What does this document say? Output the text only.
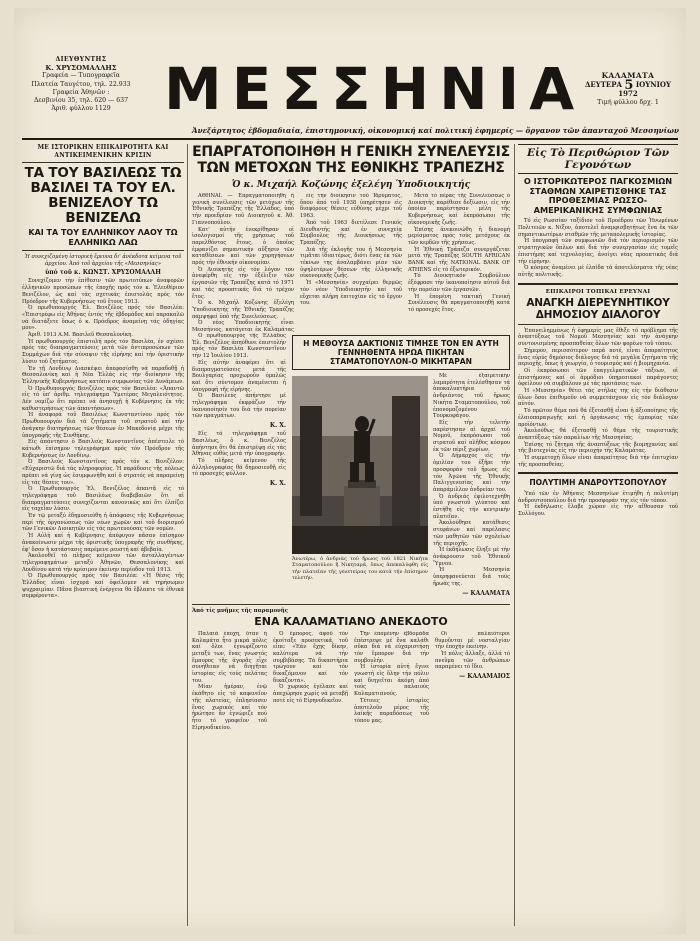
ΔΙΕΥΘΥΝΤΗΣ
Κ. ΧΡΥΣΟΜΑΛΛΗΣ
Γραφεία — Τυπογραφεῖα
Πλατεία Ταυγέτου, τηλ. 22.933
Γραφεία Ἀθηνῶν :
Δεσβινίου 35, τηλ. 620 — 637
Ἀριθ. φύλλου 1129 ΜΕΣΣΗΝΙΑ	ΚΑΛΑΜΑΤΑ
ΔΕΥΤΕΡΑ 5 ΙΟΥΝΙΟΥ
1972
Τιμή φύλλου δρχ. 1
Ἀνεξάρτητος ἑβδομαδιαία, ἐπιστημονική, οἰκονομική καί πολιτική ἐφημερίς — ὄργανον τῶν ἀπανταχοῦ Μεσσηνίων
ΜΕ ΙΣΤΟΡΙΚΗΝ ΕΠΙΚΑΙΡΟΤΗΤΑ ΚΑΙ ΑΝΤΙΚΕΙΜΕΝΙΚΗΝ ΚΡΙΣΙΝ
ΤΑ ΤΟΥ ΒΑΣΙΛΕΩΣ ΤΩ ΒΑΣΙΛΕΙ ΤΑ ΤΟΥ ΕΛ. ΒΕΝΙΖΕΛΟΥ ΤΩ ΒΕΝΙΖΕΛΩ
ΚΑΙ ΤΑ ΤΟΥ ΕΛΛΗΝΙΚΟΥ ΛΑΟΥ ΤΩ ΕΛΛΗΝΙΚΩ ΛΑΩ

Ἡ συνεχιζομένη ἱστορική ἔρευνα δι' ἀνέκδοτα κείμενα τοῦ ἀρχείου. Ἀπό τοῦ ἀρχείου τῆς «Μεσσηνίας»

ὑπό τοῦ κ. ΚΩΝΣΤ. ΧΡΥΣΟΜΑΛΛΗ

Συνεχίζομεν τὴν ἐπίθεσιν τῶν πρωτοτύπων ἀναφορῶν ἑλληνικῶν προσώπων τῆς ἐποχῆς πρός τόν κ. Ἐλευθέριον Βενιζέλον, ὡς καί τάς σχετικάς ἐπιστολάς πρός τόν Πρόεδρον τῆς Κυβερνήσεως τοῦ ἔτους 1913.

Ὁ πρωθυπουργός Ἐλ. Βενιζέλος πρός τόν Βασιλέα: «Ἐπιστρέφω εἰς Ἀθήνας ἐντός τῆς ἑβδομάδος καί παρακαλῶ νά διατάξετε ὅπως ὁ κ. Πρόεδρος ἀναμείνῃ τάς ὁδηγίας μου».

Ἀριθ. 1913 Α.Μ. Βασιλεῦ Θεσσαλονίκη.

Ἡ πρωθυπουργός ἐπιστολή πρός τόν Βασιλέα, ἐν σχέσει πρός τάς διαπραγματεύσεις μετά τῶν ἀντιπροσώπων τῶν Συμμάχων διά τήν σύναψιν τῆς εἰρήνης καί τήν ὁριστικήν λύσιν τοῦ ζητήματος.

Ἐν τῇ Λονδίνῳ Διασκέψει ἀπεφασίσθη νά παραδοθῇ ἡ Θεσσαλονίκη καί ἡ Νέα Ἑλλάς εἰς τήν διοίκησιν τῆς Ἑλληνικῆς Κυβερνήσεως κατόπιν συμφωνίας τῶν Δυνάμεων.

Ὁ Πρωθυπουργός Βενιζέλος πρός τόν Βασιλέα: «Ἀπαντῶ εἰς τό ὑπ' ἀριθμ. τηλεγράφημα Ὑμετέρας Μεγαλειότητος. Δέν νομίζω ὅτι πρέπει νά ἀνησυχῇ ἡ Κυβέρνησις ἐκ τῆς καθυστερήσεως τῶν ἀπαντήσεων».

Ἡ ἀναφορά τοῦ Βασιλέως Κωνσταντίνου πρός τόν Πρωθυπουργόν διά τά ζητήματα τοῦ στρατοῦ καί τήν ἀνάγκην διατηρήσεως τῶν θέσεων ἐν Μακεδονίᾳ μέχρι τῆς ὑπογραφῆς τῆς Συνθήκης.

Εἰς ἀπάντησιν ὁ Βασιλεύς Κωνσταντῖνος ἀπέστειλε τό κάτωθι ἐπίσημον τηλεγράφημα πρός τόν Πρόεδρον τῆς Κυβερνήσεως ἐν Λονδίνῳ.

Ὁ Βασιλεύς Κωνσταντῖνος πρός τόν κ. Βενιζέλον: «Εὐχαριστῶ διά τάς πληροφορίας. Ἡ παράδοσις τῆς πόλεως πρέπει νά γίνῃ ὡς ἐσυμφωνήθη καί ὁ στρατός νά παραμείνῃ εἰς τάς θέσεις του».

Ὁ Πρωθυπουργός Ἐλ. Βενιζέλος ἀπαντᾷ εἰς τό τηλεγράφημα τοῦ Βασιλέως διαβεβαιῶν ὅτι αἱ διαπραγματεύσεις συνεχίζονται κανονικῶς καί ὅτι ἐλπίζει εἰς ταχεῖαν λύσιν.

Ἐν τῷ μεταξύ ἐδημοσιεύθη ἡ ἀπόφασις τῆς Κυβερνήσεως περί τῆς ὀργανώσεως τῶν νέων χωρῶν καί τοῦ διορισμοῦ τῶν Γενικῶν Διοικητῶν εἰς τάς πρωτευούσας τῶν νομῶν.

Ἡ Αὐλή καί ἡ Κυβέρνησις ἀπέφυγον πᾶσαν ἐπίσημον ἀνακοίνωσιν μέχρι τῆς ὁριστικῆς ὑπογραφῆς τῆς συνθήκης, ἐφ' ὅσον ἡ κατάστασις παρέμενε ρευστή καί ἀβεβαία.

Ἀκολουθεῖ τό πλῆρες κείμενον τῶν ἀνταλλαγέντων τηλεγραφημάτων μεταξύ Ἀθηνῶν, Θεσσαλονίκης καί Λονδίνου κατά τήν κρίσιμον ἐκείνην περίοδον τοῦ 1913.

Ὁ Πρωθυπουργός πρός τόν Βασιλέα: «Ἡ θέσις τῆς Ἑλλάδος εἶναι ἰσχυρά καί ὀφείλομεν νά τηρήσωμεν ψυχραιμίαν. Πᾶσα βιαστική ἐνέργεια θά ἔβλαπτε τά ἐθνικά συμφέροντα».

ΕΠΑΡΓΑΤΟΠΟΙΗΘΗ Η ΓΕΝΙΚΗ ΣΥΝΕΛΕΥΣΙΣ ΤΩΝ ΜΕΤΟΧΩΝ ΤΗΣ ΕΘΝΙΚΗΣ ΤΡΑΠΕΖΗΣ
Ὁ κ. Μιχαήλ Κοζώνης ἐξελέγη Ὑποδιοικητής

ΑΘΗΝΑΙ. — Ἐπραγματοποιήθη ἡ γενική συνέλευσις τῶν μετόχων τῆς Ἐθνικῆς Τραπέζης τῆς Ἑλλάδος, ὑπό τήν προεδρίαν τοῦ Διοικητοῦ κ. Ἀθ. Γιαννοπούλου.

Κατ' αὐτήν ἐνεκρίθησαν οἱ ἰσολογισμοί τῆς χρήσεως τοῦ παρελθόντος ἔτους, ὁ ὁποῖος ἐμφανίζει σημαντικήν αὔξησιν τῶν καταθέσεων καί τῶν χορηγήσεων πρός τήν ἐθνικήν οἰκονομίαν.

Ὁ Διοικητής εἰς τόν λόγον του ἀνεφέρθη εἰς τήν ἐξέλιξιν τῶν ἐργασιῶν τῆς Τραπέζης κατά τό 1971 καί τάς προοπτικάς διά τό τρέχον ἔτος.

Ὁ κ. Μιχαήλ Κοζώνης ἐξελέγη Ὑποδιοικητής τῆς Ἐθνικῆς Τραπέζης παμψηφεί ὑπό τῆς Συνελεύσεως.

Ὁ νέος Ὑποδιοικητής εἶναι Μεσσήνιος, κατάγεται ἐκ Καλαμάτας

εἰς τήν διοίκησιν τοῦ Ἱδρύματος, ὅπου ἀπό τοῦ 1938 ὑπηρέτησεν εἰς διαφόρους θέσεις εὐθύνης μέχρι τοῦ 1963.

Ἀπό τοῦ 1963 διετέλεσε Γενικός Διευθυντής καί ἐν συνεχείᾳ Σύμβουλος τῆς Διοικήσεως τῆς Τραπέζης.

Διά τῆς ἐκλογῆς του ἡ Μεσσηνία τιμᾶται ἰδιαιτέρως, διότι ἕνας ἐκ τῶν τέκνων της ἀναλαμβάνει μίαν τῶν ὑψηλοτέρων θέσεων τῆς ἑλληνικῆς οἰκονομικῆς ζωῆς.

Ἡ «Μεσσηνία» συγχαίρει θερμῶς τόν νέον Ὑποδιοικητήν καί τοῦ εὔχεται πλήρη ἐπιτυχίαν εἰς τό ἔργον του.

Μετά τό πέρας τῆς Συνελεύσεως ὁ Διοικητής παρέθεσε δεξίωσιν, εἰς τήν ὁποίαν παρέστησαν μέλη τῆς Κυβερνήσεως καί ἐκπρόσωποι τῆς οἰκονομικῆς ζωῆς.

Ἐπίσης ἀνεκοινώθη ἡ διανομή μερίσματος πρός τούς μετόχους ἐκ τῶν κερδῶν τῆς χρήσεως.

Ἡ Ἐθνική Τράπεζα συνεργάζεται μετά τῆς Τραπέζης SOUTH AFRICAN BANK καί τῆς NATIONAL BANK OF ATHENS εἰς τό ἐξωτερικόν.

Τό Διοικητικόν Συμβούλιον ἐξέφρασε τήν ἱκανοποίησιν αὐτοῦ διά τήν πορείαν τῶν ἐργασιῶν.

Ἡ ἐπομένη τακτική Γενική Συνέλευσις θά πραγματοποιηθῇ κατά τό προσεχές ἔτος.

Ὁ πρωθυπουργός τῆς Ἑλλάδος Ἐλ. Βενιζέλος ἀπηύθυνε ἐπιστολήν πρός τόν Βασιλέα Κωνσταντῖνον τήν 12 Ἰουλίου 1913.

Εἰς αὐτήν ἀναφέρει ὅτι αἱ διαπραγματεύσεις μετά τῆς Βουλγαρίας προχωροῦν ὁμαλῶς καί ὅτι σύντομον ἀναμένεται ἡ ὑπογραφή τῆς εἰρήνης.

Ὁ Βασιλεύς ἀπήντησε μέ τηλεγράφημα ἐκφράζων τήν ἱκανοποίησίν του διά τήν πορείαν τῶν πραγμάτων.

Κ. Χ.

Εἰς τό τηλεγράφημα τοῦ Βασιλέως, ὁ κ. Βενιζέλος ἀπήντησε ὅτι θά ἐπιστρέψῃ εἰς τάς Ἀθήνας εὐθύς μετά τήν ὑπογραφήν.

Τό πλῆρες κείμενον τῆς ἀλληλογραφίας θά δημοσιευθῇ εἰς τό προσεχές φύλλον.

Κ. Χ.
Η ΜΕΘΟΥΣΑ ΔΑΚΤΙΟΝΙΣ ΤΙΜΗΣΕ ΤΟΝ ΕΝ ΑΥΤΗ ΓΕΝΝΗΘΕΝΤΑ ΗΡΩΑ ΠΙΚΗΤΑΝ ΣΤΑΜΑΤΟΠΟΥΛΟΝ-Ο ΜΙΚΗΤΑΡΑΝ
Ἀνωτέρω, ὁ ἀνδριὰς τοῦ ἥρωος τοῦ 1821 Νικήτα Σταματοπούλου ἢ Νικηταρᾶ, ὅπως ἀπεκαλύφθη εἰς τήν πλατεῖαν τῆς γενετείρας του κατά τήν ἐπίσημον τελετήν.

Μέ ἐξαιρετικήν λαμπρότητα ἐτελέσθησαν τά ἀποκαλυπτήρια τοῦ ἀνδριάντος τοῦ ἥρωος Νικήτα Σταματοπούλου, τοῦ ἐπονομαζομένου Τουρκοφάγου.

Εἰς τήν τελετήν παρέστησαν αἱ ἀρχαί τοῦ Νομοῦ, ἐκπρόσωποι τοῦ στρατοῦ καί πλῆθος κόσμου ἐκ τῶν πέριξ χωρίων.

Ὁ Δήμαρχος εἰς τήν ὁμιλίαν του ἐξῆρε τήν προσφοράν τοῦ ἥρωος εἰς τόν Ἀγῶνα τῆς Ἐθνικῆς Παλιγγενεσίας καί τήν ἀπαράμιλλον ἀνδρείαν του.

Ὁ ἀνδριάς ἐφιλοτεχνήθη ὑπό γνωστοῦ γλύπτου καί ἐστήθη εἰς τήν κεντρικήν πλατεῖαν.

Ἀκολούθησε κατάθεσις στεφάνων καί παρέλασις τῶν μαθητῶν τῶν σχολείων τῆς περιοχῆς.

Ἡ ἐκδήλωσις ἔληξε μέ τήν ἀνάκρουσιν τοῦ Ἐθνικοῦ Ὕμνου.

Ἡ Μεσσηνία ὑπερηφανεύεται διά τούς ἥρωάς της.

— ΚΑΛΑΜΑΤΑ
Ἀπό τίς μνῆμες τῆς παραμονῆς
ΕΝΑ ΚΑΛΑΜΑΤΙΑΝΟ ΑΝΕΚΔΟΤΟ

Παλαιά ἐποχή, ὅταν ἡ Καλαμάτα ἦτο μικρά πόλις καί ὅλοι ἐγνωρίζοντο μεταξύ των, ἕνας γνωστός ἔμπορος τῆς ἀγορᾶς εἶχε συνήθειαν νά διηγῆται ἱστορίας εἰς τούς πελάτας του.

Μίαν ἡμέραν, ἐνῷ ἐκάθητο εἰς τό καφενεῖον τῆς πλατείας, ἐπλησίασεν ἕνας χωρικός καί τόν ἠρώτησε ἄν ἐγνώριζε πού ἦτο τό γραφεῖον τοῦ Εἰρηνοδικείου.

Ὁ ἔμπορος, ἀφοῦ τόν ἐκοίταξε προσεκτικά, τοῦ εἶπε: «Ἐάν ἔχῃς δίκην, καλύτερα νά τήν συμβιβάσῃς. Τά δικαστήρια τρώγουν καί τόν δικαζόμενον καί τόν δικάζοντα».

Ὁ χωρικός ἐγέλασε καί ἀπεχώρησε χωρίς νά μεταβῇ ποτέ εἰς τό Εἰρηνοδικεῖον.

Τήν ἑπομένην ἑβδομάδα ἐπέστρεψε μέ ἕνα καλάθι σῦκα διά νά εὐχαριστήσῃ τόν ἔμπορον διά τήν συμβουλήν.

Ἡ ἱστορία αὐτή ἔγινε γνωστή εἰς ὅλην τήν πόλιν καί διηγεῖται ἀκόμη ἀπό τούς παλαιούς Καλαματιανούς.

Τέτοιες ἱστορίες ἀποτελοῦν μέρος τῆς λαϊκῆς παραδόσεως τοῦ τόπου μας.

Οἱ παλαιότεροι θυμοῦνται μέ νοσταλγίαν τήν ἐποχήν ἐκείνην.

Ἡ πόλις ἄλλαξε, ἀλλά τό πνεῦμα τῶν ἀνθρώπων παραμένει τό ἴδιο.

— ΚΑΛΑΜΑΙΟΣ
Εἰς Τὸ Περιθώριον Τῶν Γεγονότων
Ο ΙΣΤΟΡΙΚΩΤΕΡΟΣ ΠΑΓΚΟΣΜΙΩΝ ΣΤΑΘΜΩΝ ΧΑΙΡΕΤΙΣΘΗΚΕ ΤΑΣ ΠΡΟΘΕΣΜΙΑΣ ΡΩΣΣΟ-ΑΜΕΡΙΚΑΝΙΚΗΣ ΣΥΜΦΩΝΙΑΣ

Τό εἰς Ρωσσίαν ταξίδιον τοῦ Προέδρου τῶν Ἡνωμένων Πολιτειῶν κ. Νίξον, ἀποτελεῖ ἀναμφισβητήτως ἕνα ἐκ τῶν σημαντικωτέρων σταθμῶν τῆς μεταπολεμικῆς ἱστορίας.

Ἡ ὑπογραφή τῶν συμφωνιῶν διά τόν περιορισμόν τῶν στρατηγικῶν ὅπλων καί διά τήν συνεργασίαν εἰς τομεῖς ἐπιστήμης καί τεχνολογίας, ἀνοίγει νέας προοπτικάς διά τήν εἰρήνην.

Ὁ κόσμος ἀναμένει μέ ἐλπίδα τά ἀποτελέσματα τῆς νέας αὐτῆς πολιτικῆς.

ΕΠΙΚΑΙΡΟΙ ΤΟΠΙΚΑΙ ΕΡΕΥΝΑΙ
ΑΝΑΓΚΗ ΔΙΕΡΕΥΝΗΤΙΚΟΥ ΔΗΜΟΣΙΟΥ ΔΙΑΛΟΓΟΥ

Ἐπανειλημμένως ἡ ἐφημερίς μας ἔθιξε τό πρόβλημα τῆς ἀναπτύξεως τοῦ Νομοῦ Μεσσηνίας καί τήν ἀνάγκην συντονισμένης προσπαθείας ὅλων τῶν φορέων τοῦ τόπου.

Σήμερον, περισσότερον παρά ποτέ, εἶναι ἀπαραίτητος ἕνας εὐρύς δημόσιος διάλογος διά τά μεγάλα ζητήματα τῆς περιοχῆς, ὅπως ἡ γεωργία, ὁ τουρισμός καί ἡ βιομηχανία.

Οἱ ἐκπρόσωποι τῶν ἐπαγγελματικῶν τάξεων, οἱ ἐπιστήμονες καί οἱ ἁρμόδιοι ὑπηρεσιακοί παράγοντες ὀφείλουν νά συμβάλουν μέ τάς προτάσεις των.

Ἡ «Μεσσηνία» θέτει τάς στήλας της εἰς τήν διάθεσιν ὅλων ὅσοι ἐπιθυμοῦν νά συμμετάσχουν εἰς τόν διάλογον αὐτόν.

Τό πρῶτον θέμα πού θά ἐξετασθῇ εἶναι ἡ ἀξιοποίησις τῆς ἐλαιοπαραγωγῆς καί ἡ ὀργάνωσις τῆς ἐμπορίας τῶν προϊόντων.

Ἀκολούθως θά ἐξετασθῇ τό θέμα τῆς τουριστικῆς ἀναπτύξεως τῶν παραλίων τῆς Μεσσηνίας.

Ἐπίσης τό ζήτημα τῆς ἀναπτύξεως τῆς βιομηχανίας καί τῆς βιοτεχνίας εἰς τήν περιοχήν τῆς Καλαμάτας.

Ἡ συμμετοχή ὅλων εἶναι ἀπαραίτητος διά τήν ἐπιτυχίαν τῆς προσπαθείας.

ΠΟΛΥΤΙΜΗ ΑΝΔΡΟΥΤΣΟΠΟΥΛΟΥ

Ὑπό τῶν ἐν Ἀθήναις Μεσσηνίων ἐτιμήθη ἡ πολυτίμη ἀνδρουτσοπούλου διά τήν προσφοράν της εἰς τόν τόπον.

Ἡ ἐκδήλωσις ἔλαβε χώραν εἰς τήν αἴθουσαν τοῦ Συλλόγου.
